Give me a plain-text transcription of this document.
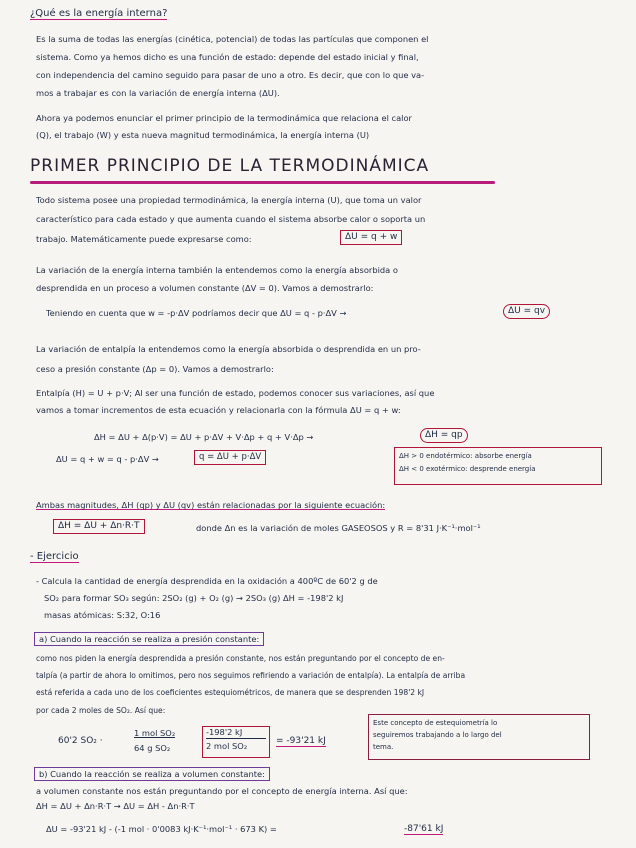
¿Qué es la energía interna?
Es la suma de todas las energías (cinética, potencial) de todas las partículas que componen el
sistema. Como ya hemos dicho es una función de estado: depende del estado inicial y final,
con independencia del camino seguido para pasar de uno a otro. Es decir, que con lo que va-
mos a trabajar es con la variación de energía interna (ΔU).
Ahora ya podemos enunciar el primer principio de la termodinámica que relaciona el calor
(Q), el trabajo (W) y esta nueva magnitud termodinámica, la energía interna (U)
PRIMER PRINCIPIO DE LA TERMODINÁMICA
Todo sistema posee una propiedad termodinámica, la energía interna (U), que toma un valor
característico para cada estado y que aumenta cuando el sistema absorbe calor o soporta un
trabajo. Matemáticamente puede expresarse como:	ΔU = q + w
La variación de la energía interna también la entendemos como la energía absorbida o
desprendida en un proceso a volumen constante (ΔV = 0). Vamos a demostrarlo:
Teniendo en cuenta que w = -p·ΔV podríamos decir que ΔU = q - p·ΔV →	ΔU = qv
La variación de entalpía la entendemos como la energía absorbida o desprendida en un pro-
ceso a presión constante (Δp = 0). Vamos a demostrarlo:
Entalpía (H) = U + p·V; Al ser una función de estado, podemos conocer sus variaciones, así que
vamos a tomar incrementos de esta ecuación y relacionarla con la fórmula ΔU = q + w:
ΔH = ΔU + Δ(p·V) = ΔU + p·ΔV + V·Δp + q + V·Δp →	ΔH = qp
ΔU = q + w = q - p·ΔV →	q = ΔU + p·ΔV	ΔH > 0 endotérmico: absorbe energía
ΔH < 0 exotérmico: desprende energía
Ambas magnitudes, ΔH (qp) y ΔU (qv) están relacionadas por la siguiente ecuación:
ΔH = ΔU + Δn·R·T	donde Δn es la variación de moles GASEOSOS y R = 8'31 J·K⁻¹·mol⁻¹
- Ejercicio
- Calcula la cantidad de energía desprendida en la oxidación a 400ºC de 60'2 g de
SO₂ para formar SO₃ según: 2SO₂ (g) + O₂ (g) → 2SO₃ (g) ΔH = -198'2 kJ
masas atómicas: S:32, O:16
a) Cuando la reacción se realiza a presión constante:
como nos piden la energía desprendida a presión constante, nos están preguntando por el concepto de en-
talpía (a partir de ahora lo omitimos, pero nos seguimos refiriendo a variación de entalpía). La entalpía de arriba
está referida a cada uno de los coeficientes estequiométricos, de manera que se desprenden 198'2 kJ
por cada 2 moles de SO₂. Así que:
60'2 SO₂ ·
1 mol SO₂
64 g SO₂
-198'2 kJ
2 mol SO₂
= -93'21 kJ
Este concepto de estequiometría lo
seguiremos trabajando a lo largo del
tema.
b) Cuando la reacción se realiza a volumen constante:
a volumen constante nos están preguntando por el concepto de energía interna. Así que:
ΔH = ΔU + Δn·R·T → ΔU = ΔH - Δn·R·T
ΔU = -93'21 kJ - (-1 mol · 0'0083 kJ·K⁻¹·mol⁻¹ · 673 K) =	-87'61 kJ
